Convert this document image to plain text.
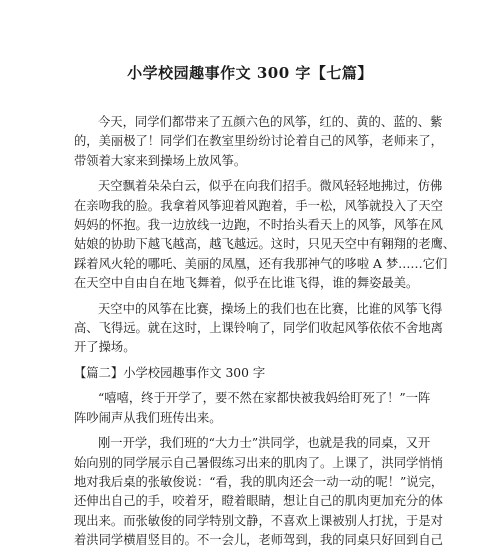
小学校园趣事作文 300 字【七篇】
今天，同学们都带来了五颜六色的风筝，红的、黄的、蓝的、紫
的，美丽极了！同学们在教室里纷纷讨论着自己的风筝，老师来了，
带领着大家来到操场上放风筝。
天空飘着朵朵白云，似乎在向我们招手。微风轻轻地拂过，仿佛
在亲吻我的脸。我拿着风筝迎着风跑着，手一松，风筝就投入了天空
妈妈的怀抱。我一边放线一边跑，不时抬头看天上的风筝，风筝在风
姑娘的协助下越飞越高，越飞越远。这时，只见天空中有翱翔的老鹰、
踩着风火轮的哪吒、美丽的凤凰，还有我那神气的哆啦 A 梦……它们
在天空中自由自在地飞舞着，似乎在比谁飞得，谁的舞姿最美。
天空中的风筝在比赛，操场上的我们也在比赛，比谁的风筝飞得
高、飞得远。就在这时，上课铃响了，同学们收起风筝依依不舍地离
开了操场。
【篇二】小学校园趣事作文 300 字
“嘻嘻，终于开学了，要不然在家都快被我妈给盯死了！”一阵
阵吵闹声从我们班传出来。
刚一开学，我们班的“大力士”洪同学，也就是我的同桌，又开
始向别的同学展示自己暑假练习出来的肌肉了。上课了，洪同学悄悄
地对我后桌的张敏俊说：“看，我的肌肉还会一动一动的呢！”说完，
还伸出自己的手，咬着牙，瞪着眼睛，想让自己的肌肉更加充分的体
现出来。而张敏俊的同学特别文静，不喜欢上课被别人打扰，于是对
着洪同学横眉竖目的。不一会儿，老师驾到，我的同桌只好回到自己
